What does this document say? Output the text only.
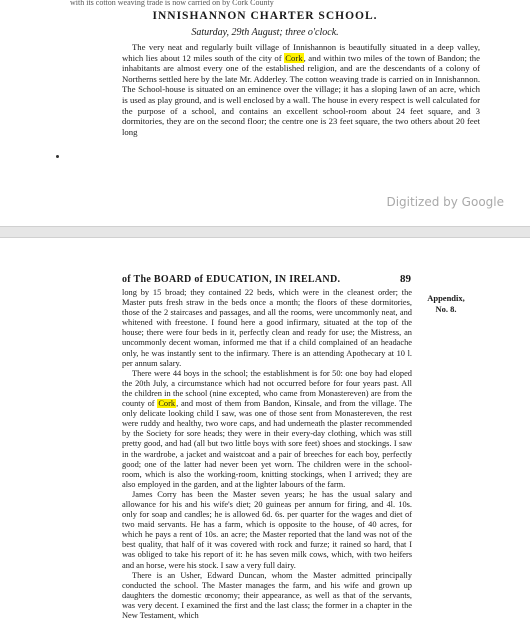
with its cotton weaving trade is now carried on by Cork County
INNISHANNON CHARTER SCHOOL.
Saturday, 29th August; three o'clock.

The very neat and regularly built village of Innishannon is beautifully situated in a deep valley, which lies about 12 miles south of the city of Cork, and within two miles of the town of Bandon; the inhabitants are almost every one of the established religion, and are the descendants of a colony of Northerns settled here by the late Mr. Adderley. The cotton weaving trade is carried on in Innishannon. The School-house is situated on an eminence over the village; it has a sloping lawn of an acre, which is used as play ground, and is well enclosed by a wall. The house in every respect is well calculated for the purpose of a school, and contains an excellent school-room about 24 feet square, and 3 dormitories, they are on the second floor; the centre one is 23 feet square, the two others about 20 feet long

Digitized by Google
of The BOARD of EDUCATION, IN IRELAND.	89
Appendix,
No. 8.

long by 15 broad; they contained 22 beds, which were in the cleanest order; the Master puts fresh straw in the beds once a month; the floors of these dormitories, those of the 2 staircases and passages, and all the rooms, were uncommonly neat, and whitened with freestone. I found here a good infirmary, situated at the top of the house; there were four beds in it, perfectly clean and ready for use; the Mistress, an uncommonly decent woman, informed me that if a child complained of an headache only, he was instantly sent to the infirmary. There is an attending Apothecary at 10 l. per annum salary.

There were 44 boys in the school; the establishment is for 50: one boy had eloped the 20th July, a circumstance which had not occurred before for four years past. All the children in the school (nine excepted, who came from Monastereven) are from the county of Cork, and most of them from Bandon, Kinsale, and from the village. The only delicate looking child I saw, was one of those sent from Monastereven, the rest were ruddy and healthy, two wore caps, and had underneath the plaster recommended by the Society for sore heads; they were in their every-day clothing, which was still pretty good, and had (all but two little boys with sore feet) shoes and stockings. I saw in the wardrobe, a jacket and waistcoat and a pair of breeches for each boy, perfectly good; one of the latter had never been yet worn. The children were in the school-room, which is also the working-room, knitting stockings, when I arrived; they are also employed in the garden, and at the lighter labours of the farm.

James Corry has been the Master seven years; he has the usual salary and allowance for his and his wife's diet; 20 guineas per annum for firing, and 4l. 10s. only for soap and candles; he is allowed 6d. 6s. per quarter for the wages and diet of two maid servants. He has a farm, which is opposite to the house, of 40 acres, for which he pays a rent of 10s. an acre; the Master reported that the land was not of the best quality, that half of it was covered with rock and furze; it rained so hard, that I was obliged to take his report of it: he has seven milk cows, which, with two heifers and an horse, were his stock. I saw a very full dairy.

There is an Usher, Edward Duncan, whom the Master admitted principally conducted the school. The Master manages the farm, and his wife and grown up daughters the domestic œconomy; their appearance, as well as that of the servants, was very decent. I examined the first and the last class; the former in a chapter in the New Testament, which
